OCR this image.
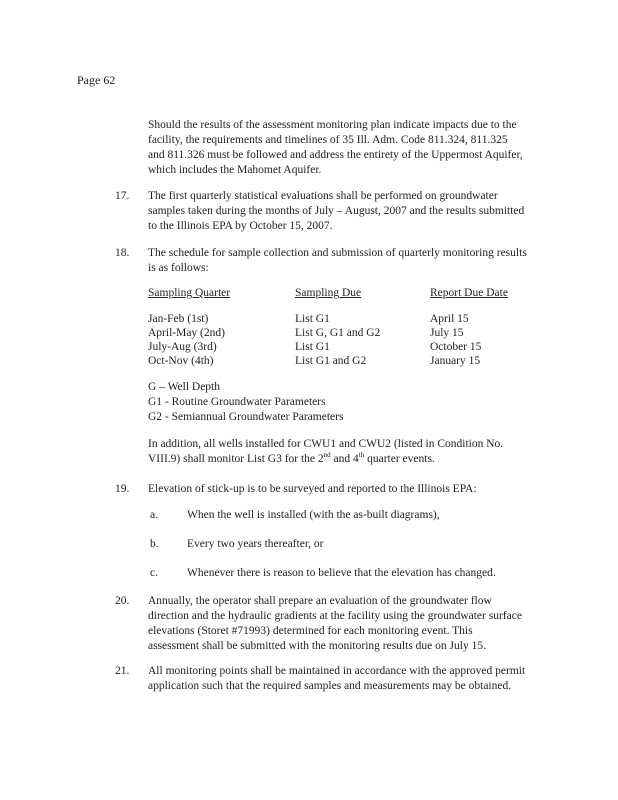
Page 62
Should the results of the assessment monitoring plan indicate impacts due to the
facility, the requirements and timelines of 35 Ill. Adm. Code 811.324, 811.325
and 811.326 must be followed and address the entirety of the Uppermost Aquifer,
which includes the Mahomet Aquifer.
17. The first quarterly statistical evaluations shall be performed on groundwater
samples taken during the months of July – August, 2007 and the results submitted
to the Illinois EPA by October 15, 2007.
18. The schedule for sample collection and submission of quarterly monitoring results
is as follows:
Sampling Quarter	Sampling Due	Report Due Date
Jan-Feb (1st)	List G1	April 15
April-May (2nd)	List G, G1 and G2	July 15
July-Aug (3rd)	List G1	October 15
Oct-Nov (4th)	List G1 and G2	January 15
G – Well Depth
G1 - Routine Groundwater Parameters
G2 - Semiannual Groundwater Parameters
In addition, all wells installed for CWU1 and CWU2 (listed in Condition No.
VIII.9) shall monitor List G3 for the 2nd and 4th quarter events.
19. Elevation of stick-up is to be surveyed and reported to the Illinois EPA:
a.	When the well is installed (with the as-built diagrams),
b. Every two years thereafter, or
c.	Whenever there is reason to believe that the elevation has changed.
20. Annually, the operator shall prepare an evaluation of the groundwater flow
direction and the hydraulic gradients at the facility using the groundwater surface
elevations (Storet #71993) determined for each monitoring event. This
assessment shall be submitted with the monitoring results due on July 15.
21. All monitoring points shall be maintained in accordance with the approved permit
application such that the required samples and measurements may be obtained.
